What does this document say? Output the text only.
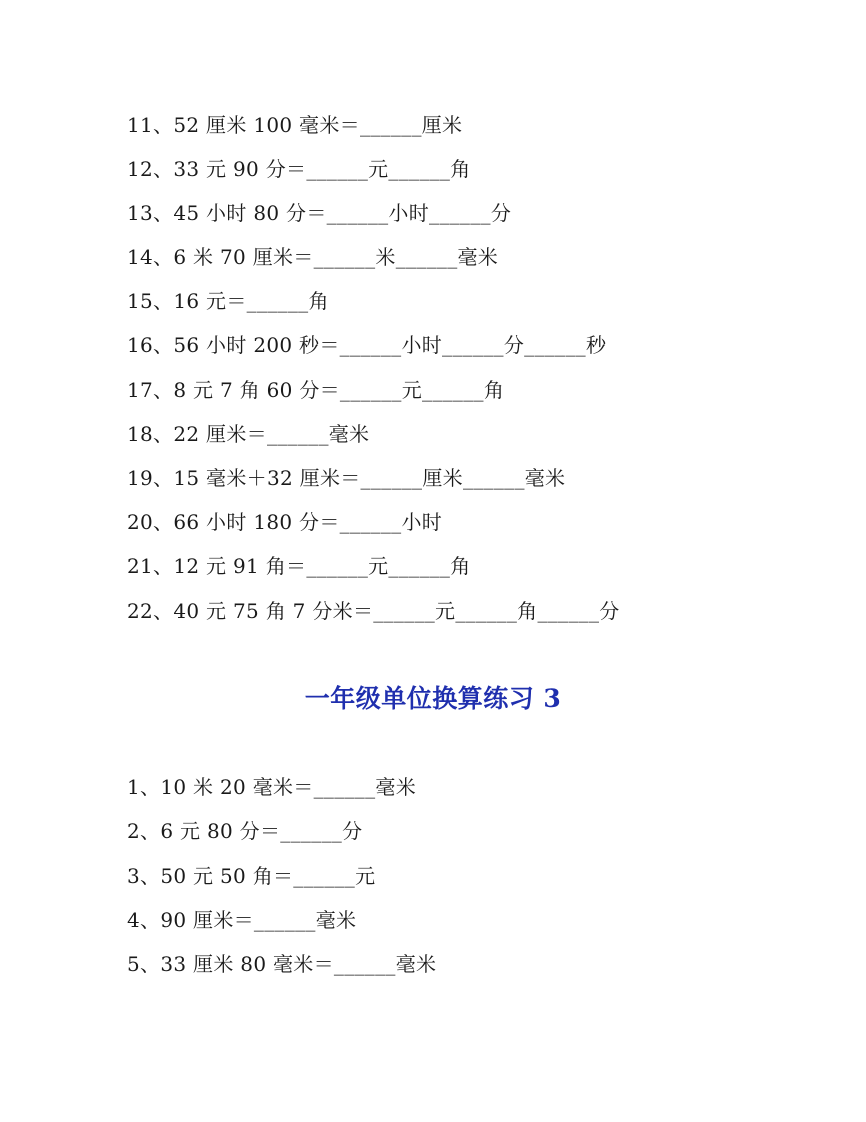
11、52 厘米 100 毫米＝______厘米
12、33 元 90 分＝______元______角
13、45 小时 80 分＝______小时______分
14、6 米 70 厘米＝______米______毫米
15、16 元＝______角
16、56 小时 200 秒＝______小时______分______秒
17、8 元 7 角 60 分＝______元______角
18、22 厘米＝______毫米
19、15 毫米＋32 厘米＝______厘米______毫米
20、66 小时 180 分＝______小时
21、12 元 91 角＝______元______角
22、40 元 75 角 7 分米＝______元______角______分
一年级单位换算练习 3
1、10 米 20 毫米＝______毫米
2、6 元 80 分＝______分
3、50 元 50 角＝______元
4、90 厘米＝______毫米
5、33 厘米 80 毫米＝______毫米
